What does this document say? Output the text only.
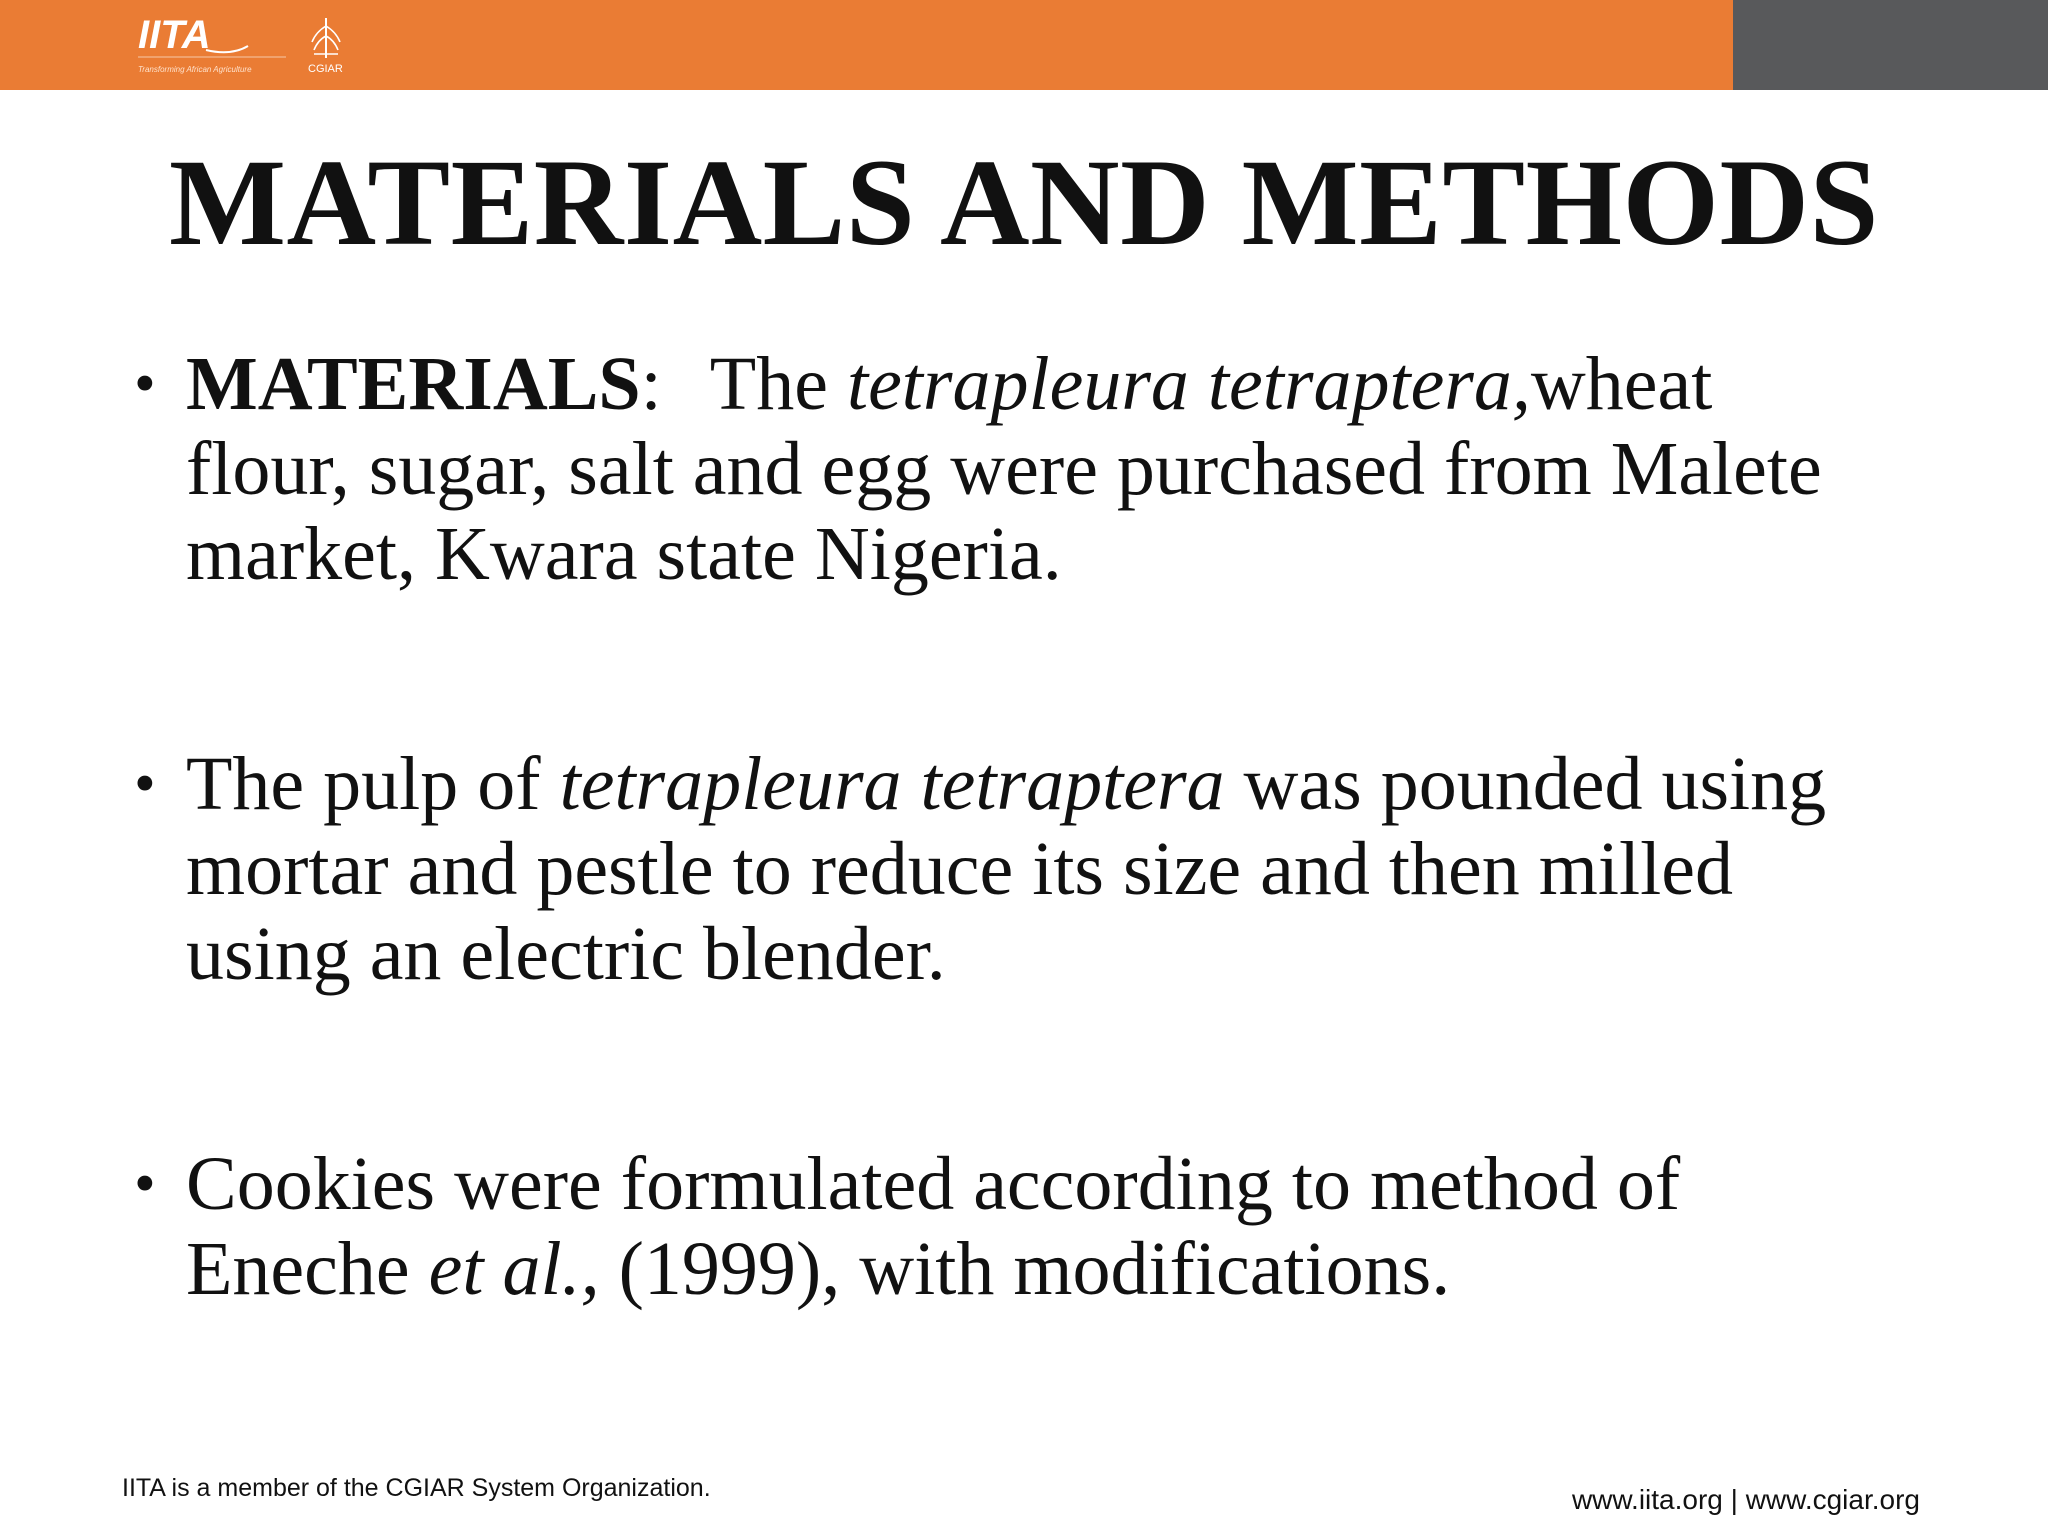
IITA
Transforming African Agriculture	CGIAR
MATERIALS AND METHODS
• MATERIALS: The tetrapleura tetraptera,wheat
flour, sugar, salt and egg were purchased from Malete
market, Kwara state Nigeria.
• The pulp of tetrapleura tetraptera was pounded using
mortar and pestle to reduce its size and then milled
using an electric blender.
• Cookies were formulated according to method of
Eneche et al., (1999), with modifications.
IITA is a member of the CGIAR System Organization.	www.iita.org | www.cgiar.org
